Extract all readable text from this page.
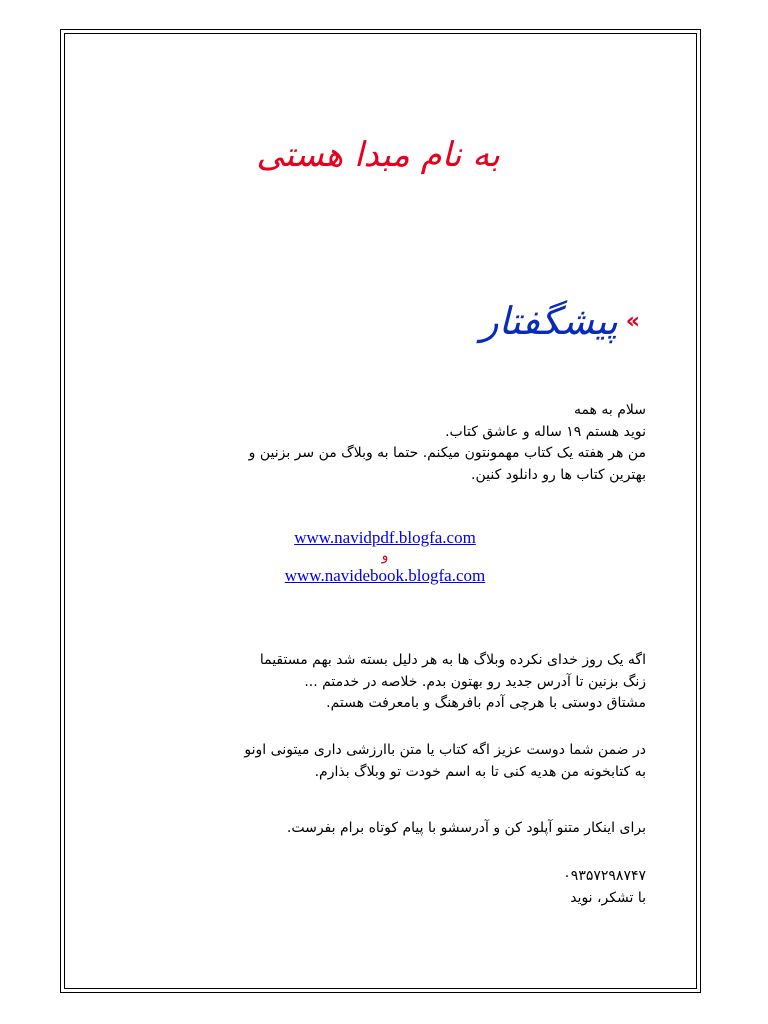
به نام مبدا هستی
»
پیشگفتار

سلام به همه

نوید هستم ۱۹ ساله و عاشق کتاب.

من هر هفته یک کتاب مهمونتون میکنم. حتما به وبلاگ من سر بزنین و

بهترین کتاب ها رو دانلود کنین.

www.navidpdf.blogfa.com
و
www.navidebook.blogfa.com

اگه یک روز خدای نکرده وبلاگ ها به هر دلیل بسته شد بهم مستقیما

زنگ بزنین تا آدرس جدید رو بهتون بدم. خلاصه در خدمتم ...

مشتاق دوستی با هرچی آدم بافرهنگ و بامعرفت هستم.

در ضمن شما دوست عزیز اگه کتاب یا متن باارزشی داری میتونی اونو

به کتابخونه من هدیه کنی تا به اسم خودت تو وبلاگ بذارم.

برای اینکار متنو آپلود کن و آدرسشو با پیام کوتاه برام بفرست.

۰۹۳۵۷۲۹۸۷۴۷

با تشکر، نوید
